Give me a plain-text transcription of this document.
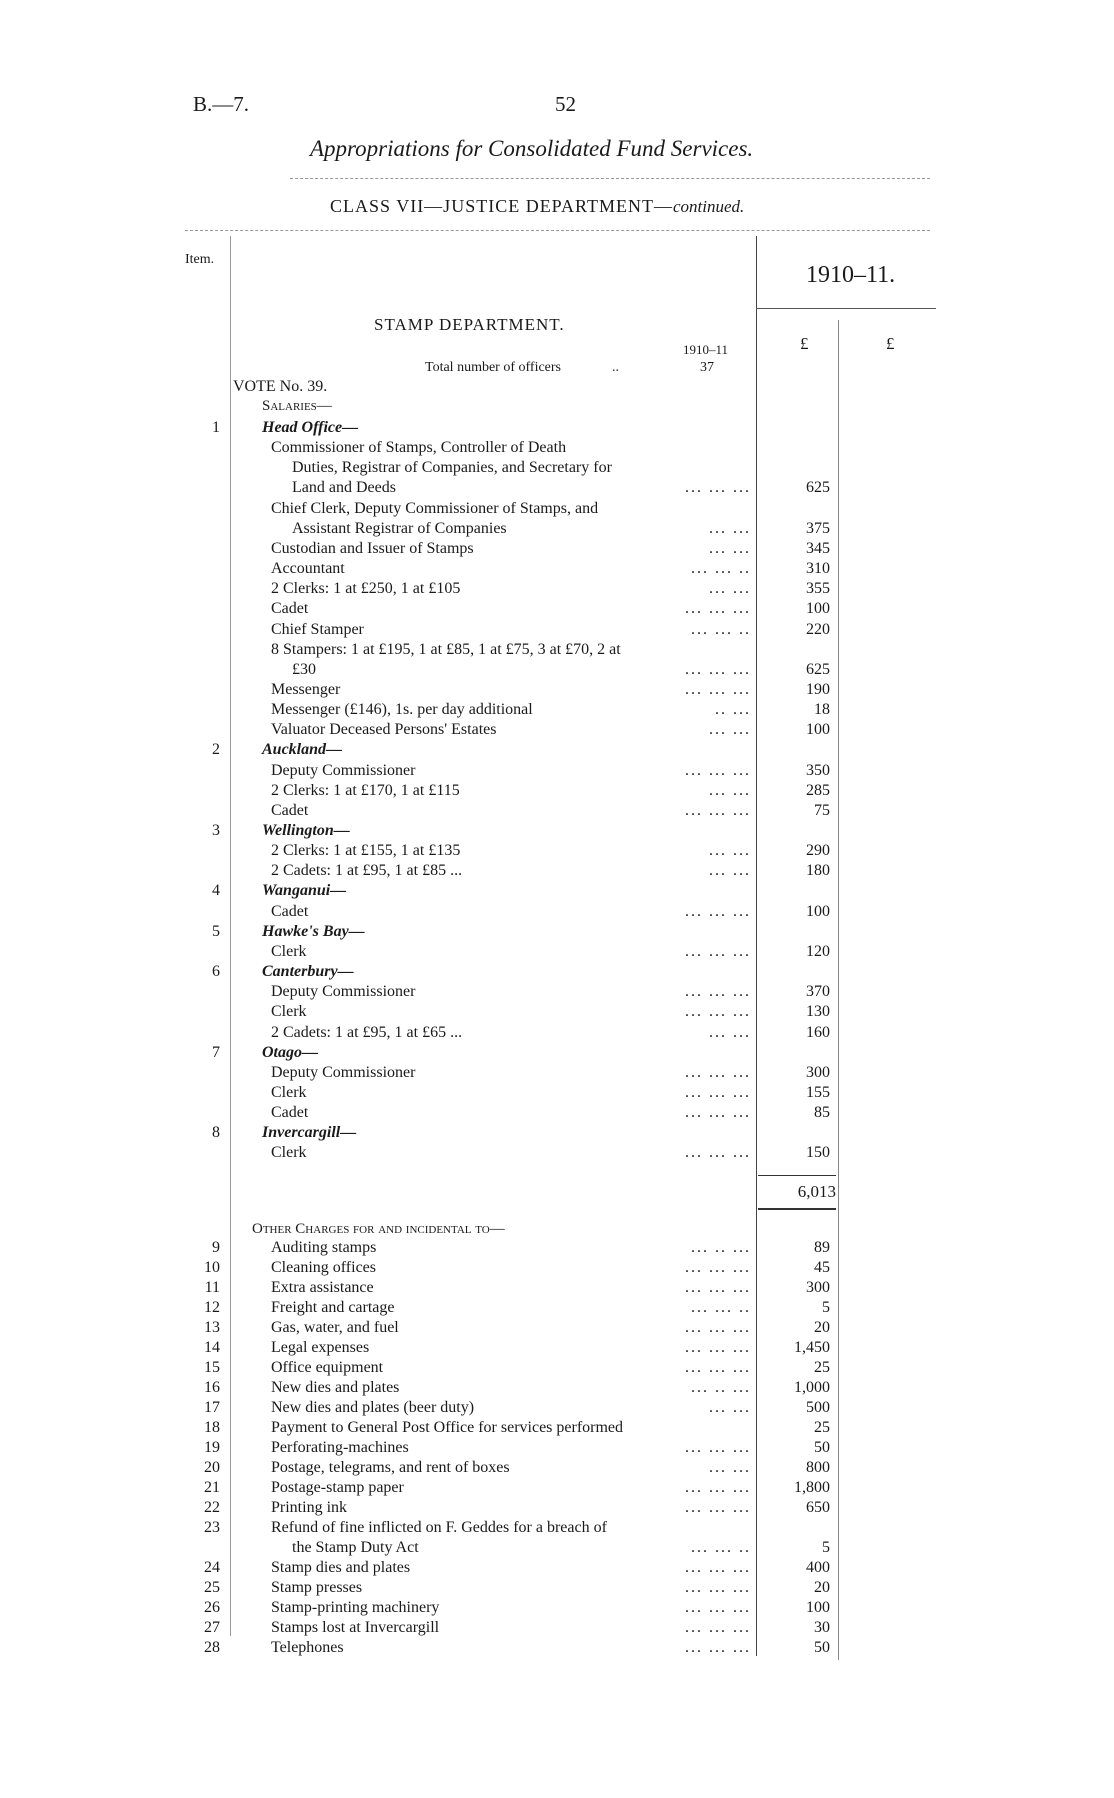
B.—7.	52
Appropriations for Consolidated Fund Services.
CLASS VII—JUSTICE DEPARTMENT—continued.
Item.
1910–11.
STAMP DEPARTMENT.
£	£
1910–11
Total number of officers	..	37
VOTE No. 39.
Salaries—
1	Head Office—
Commissioner of Stamps, Controller of Death
Duties, Registrar of Companies, and Secretary for
Land and Deeds	... ... ...	625
Chief Clerk, Deputy Commissioner of Stamps, and
Assistant Registrar of Companies	... ...	375
Custodian and Issuer of Stamps	... ...	345
Accountant	... ... ..	310
2 Clerks: 1 at £250, 1 at £105	... ...	355
Cadet	... ... ...	100
Chief Stamper	... ... ..	220
8 Stampers: 1 at £195, 1 at £85, 1 at £75, 3 at £70, 2 at
£30	... ... ...	625
Messenger	... ... ...	190
Messenger (£146), 1s. per day additional	.. ...	18
Valuator Deceased Persons' Estates	... ...	100
2	Auckland—
Deputy Commissioner	... ... ...	350
2 Clerks: 1 at £170, 1 at £115	... ...	285
Cadet	... ... ...	75
3	Wellington—
2 Clerks: 1 at £155, 1 at £135	... ...	290
2 Cadets: 1 at £95, 1 at £85 ...	... ...	180
4	Wanganui—
Cadet	... ... ...	100
5	Hawke's Bay—
Clerk	... ... ...	120
6	Canterbury—
Deputy Commissioner	... ... ...	370
Clerk	... ... ...	130
2 Cadets: 1 at £95, 1 at £65 ...	... ...	160
7	Otago—
Deputy Commissioner	... ... ...	300
Clerk	... ... ...	155
Cadet	... ... ...	85
8	Invercargill—
Clerk	... ... ...	150
6,013
Other Charges for and incidental to—
9	Auditing stamps	... .. ...	89
10	Cleaning offices	... ... ...	45
11	Extra assistance	... ... ...	300
12	Freight and cartage	... ... ..	5
13	Gas, water, and fuel	... ... ...	20
14	Legal expenses	... ... ...	1,450
15	Office equipment	... ... ...	25
16	New dies and plates	... .. ...	1,000
17	New dies and plates (beer duty)	... ...	500
18	Payment to General Post Office for services performed	25
19	Perforating-machines	... ... ...	50
20	Postage, telegrams, and rent of boxes	... ...	800
21	Postage-stamp paper	... ... ...	1,800
22	Printing ink	... ... ...	650
23	Refund of fine inflicted on F. Geddes for a breach of
the Stamp Duty Act	... ... ..	5
24	Stamp dies and plates	... ... ...	400
25	Stamp presses	... ... ...	20
26	Stamp-printing machinery	... ... ...	100
27	Stamps lost at Invercargill	... ... ...	30
28	Telephones	... ... ...	50
